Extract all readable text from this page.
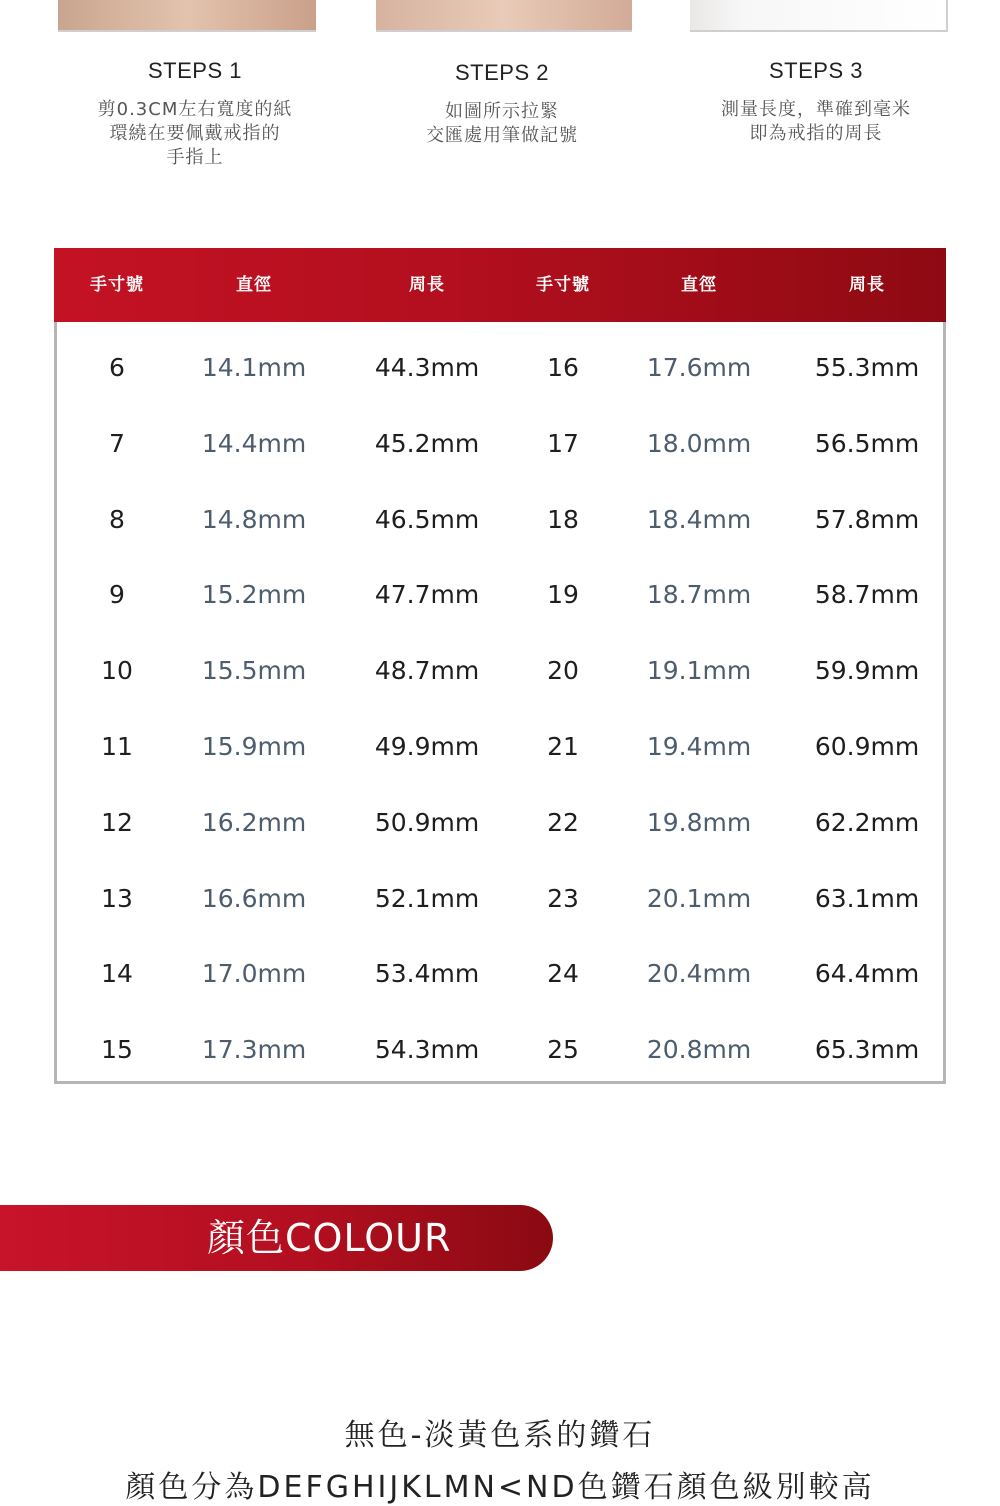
STEPS 1
剪0.3CM左右寬度的紙
環繞在要佩戴戒指的
手指上
STEPS 2
如圖所示拉緊
交匯處用筆做記號
STEPS 3
測量長度，準確到毫米
即為戒指的周長
手寸號	直徑	周長	手寸號	直徑	周長
6	14.1mm	44.3mm	16	17.6mm	55.3mm
7	14.4mm	45.2mm	17	18.0mm	56.5mm
8	14.8mm	46.5mm	18	18.4mm	57.8mm
9	15.2mm	47.7mm	19	18.7mm	58.7mm
10	15.5mm	48.7mm	20	19.1mm	59.9mm
11	15.9mm	49.9mm	21	19.4mm	60.9mm
12	16.2mm	50.9mm	22	19.8mm	62.2mm
13	16.6mm	52.1mm	23	20.1mm	63.1mm
14	17.0mm	53.4mm	24	20.4mm	64.4mm
15	17.3mm	54.3mm	25	20.8mm	65.3mm
顏色COLOUR
無色-淡黃色系的鑽石
顏色分為DEFGHIJKLMN<ND色鑽石顏色級別較高
